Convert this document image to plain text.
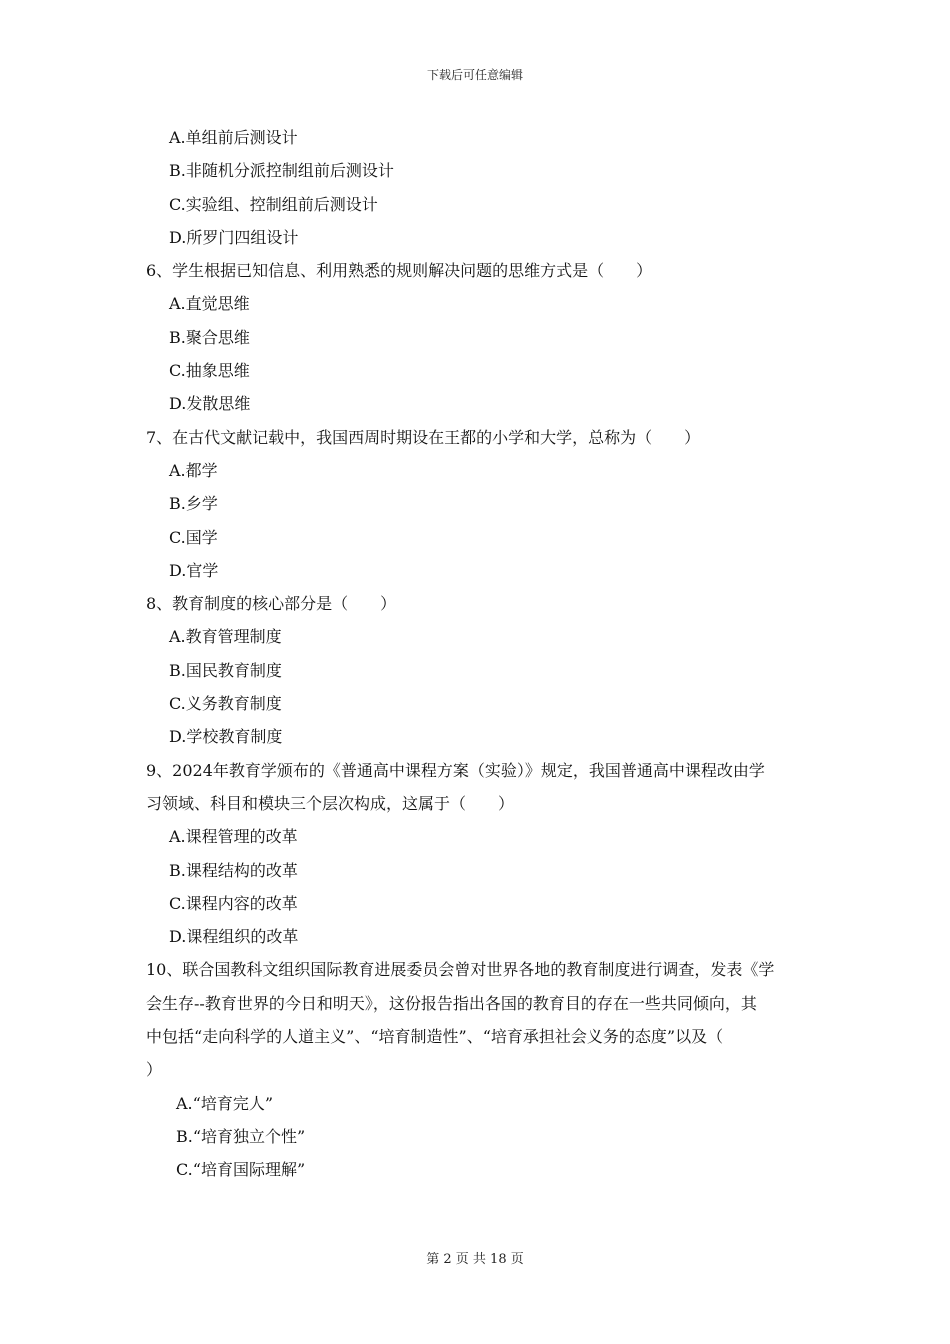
下载后可任意编辑
A.单组前后测设计
B.非随机分派控制组前后测设计
C.实验组、控制组前后测设计
D.所罗门四组设计
6、学生根据已知信息、利用熟悉的规则解决问题的思维方式是（　　）
A.直觉思维
B.聚合思维
C.抽象思维
D.发散思维
7、在古代文献记载中，我国西周时期设在王都的小学和大学，总称为（　　）
A.都学
B.乡学
C.国学
D.官学
8、教育制度的核心部分是（　　）
A.教育管理制度
B.国民教育制度
C.义务教育制度
D.学校教育制度
9、2024年教育学颁布的《普通高中课程方案（实验）》规定，我国普通高中课程改由学
习领域、科目和模块三个层次构成，这属于（　　）
A.课程管理的改革
B.课程结构的改革
C.课程内容的改革
D.课程组织的改革
10、联合国教科文组织国际教育进展委员会曾对世界各地的教育制度进行调查，发表《学
会生存--教育世界的今日和明天》，这份报告指出各国的教育目的存在一些共同倾向，其
中包括“走向科学的人道主义”、“培育制造性”、“培育承担社会义务的态度”以及（
）
A.“培育完人”
B.“培育独立个性”
C.“培育国际理解”
第 2 页 共 18 页
